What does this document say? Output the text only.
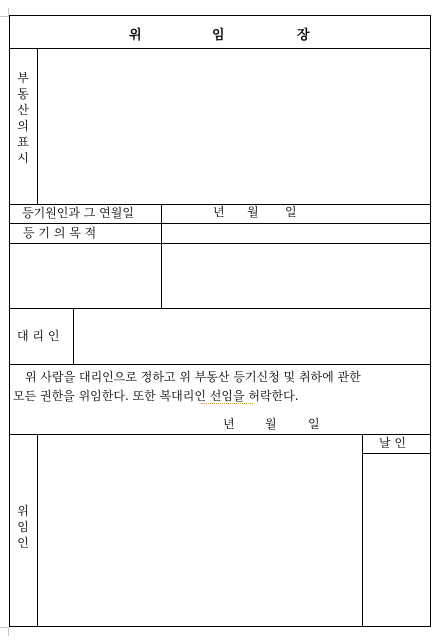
위	임	장
부동산의표시
등기원인과 그 연월일	년 월 일
등 기 의 목 적
대 리 인
위 사람을 대리인으로 정하고 위 부동산 등기신청 및 취하에 관한
모든 권한을 위임한다. 또한 복대리인 선임을 허락한다.
년	월	일
위임인
날 인
